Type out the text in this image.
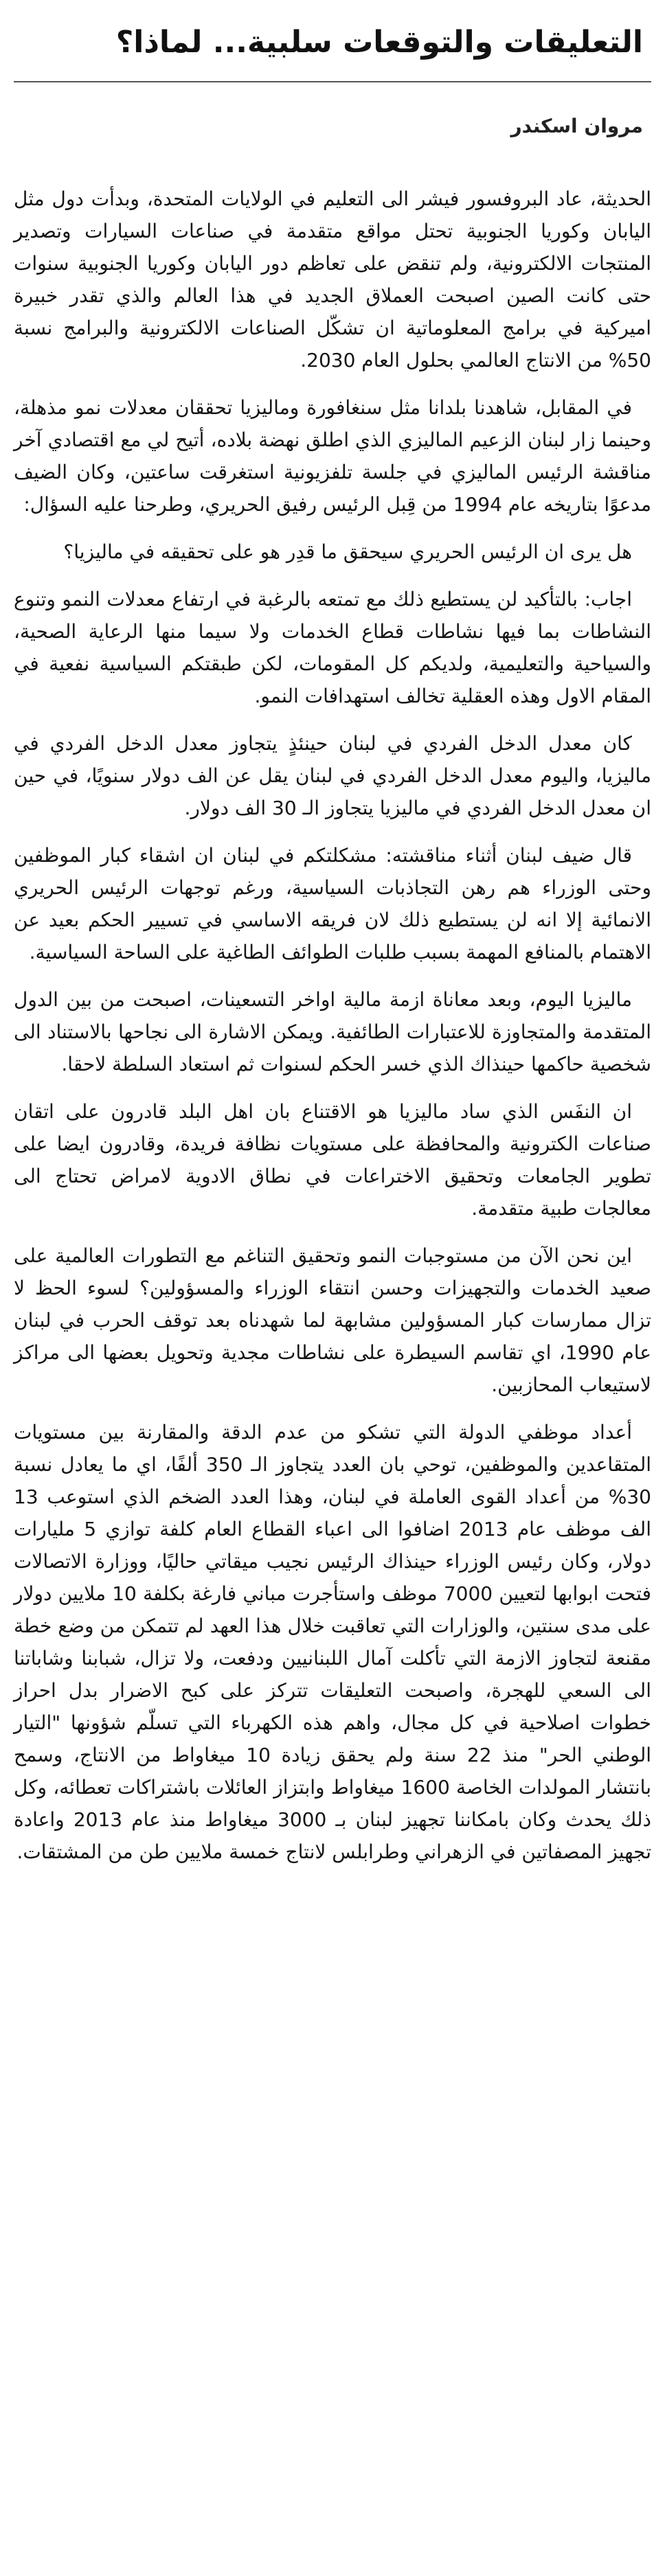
التعليقات والتوقعات سلبية... لماذا؟
مروان اسكندر

الحديثة، عاد البروفسور فيشر الى التعليم في الولايات المتحدة، وبدأت دول مثل اليابان وكوريا الجنوبية تحتل مواقع متقدمة في صناعات السيارات وتصدير المنتجات الالكترونية، ولم تنقض على تعاظم دور اليابان وكوريا الجنوبية سنوات حتى كانت الصين اصبحت العملاق الجديد في هذا العالم والذي تقدر خبيرة اميركية في برامج المعلوماتية ان تشكّل الصناعات الالكترونية والبرامج نسبة 50% من الانتاج العالمي بحلول العام 2030.

في المقابل، شاهدنا بلدانا مثل سنغافورة وماليزيا تحققان معدلات نمو مذهلة، وحينما زار لبنان الزعيم الماليزي الذي اطلق نهضة بلاده، أتيح لي مع اقتصادي آخر مناقشة الرئيس الماليزي في جلسة تلفزيونية استغرقت ساعتين، وكان الضيف مدعوًا بتاريخه عام 1994 من قِبل الرئيس رفيق الحريري، وطرحنا عليه السؤال:

هل يرى ان الرئيس الحريري سيحقق ما قدِر هو على تحقيقه في ماليزيا؟

اجاب: بالتأكيد لن يستطيع ذلك مع تمتعه بالرغبة في ارتفاع معدلات النمو وتنوع النشاطات بما فيها نشاطات قطاع الخدمات ولا سيما منها الرعاية الصحية، والسياحية والتعليمية، ولديكم كل المقومات، لكن طبقتكم السياسية نفعية في المقام الاول وهذه العقلية تخالف استهدافات النمو.

كان معدل الدخل الفردي في لبنان حينئذٍ يتجاوز معدل الدخل الفردي في ماليزيا، واليوم معدل الدخل الفردي في لبنان يقل عن الف دولار سنويًا، في حين ان معدل الدخل الفردي في ماليزيا يتجاوز الـ 30 الف دولار.

قال ضيف لبنان أثناء مناقشته: مشكلتكم في لبنان ان اشقاء كبار الموظفين وحتى الوزراء هم رهن التجاذبات السياسية، ورغم توجهات الرئيس الحريري الانمائية إلا انه لن يستطيع ذلك لان فريقه الاساسي في تسيير الحكم بعيد عن الاهتمام بالمنافع المهمة بسبب طلبات الطوائف الطاغية على الساحة السياسية.

ماليزيا اليوم، وبعد معاناة ازمة مالية اواخر التسعينات، اصبحت من بين الدول المتقدمة والمتجاوزة للاعتبارات الطائفية. ويمكن الاشارة الى نجاحها بالاستناد الى شخصية حاكمها حينذاك الذي خسر الحكم لسنوات ثم استعاد السلطة لاحقا.

ان النفَس الذي ساد ماليزيا هو الاقتناع بان اهل البلد قادرون على اتقان صناعات الكترونية والمحافظة على مستويات نظافة فريدة، وقادرون ايضا على تطوير الجامعات وتحقيق الاختراعات في نطاق الادوية لامراض تحتاج الى معالجات طبية متقدمة.

اين نحن الآن من مستوجبات النمو وتحقيق التناغم مع التطورات العالمية على صعيد الخدمات والتجهيزات وحسن انتقاء الوزراء والمسؤولين؟ لسوء الحظ لا تزال ممارسات كبار المسؤولين مشابهة لما شهدناه بعد توقف الحرب في لبنان عام 1990، اي تقاسم السيطرة على نشاطات مجدية وتحويل بعضها الى مراكز لاستيعاب المحازبين.

أعداد موظفي الدولة التي تشكو من عدم الدقة والمقارنة بين مستويات المتقاعدين والموظفين، توحي بان العدد يتجاوز الـ 350 ألفًا، اي ما يعادل نسبة 30% من أعداد القوى العاملة في لبنان، وهذا العدد الضخم الذي استوعب 13 الف موظف عام 2013 اضافوا الى اعباء القطاع العام كلفة توازي 5 مليارات دولار، وكان رئيس الوزراء حينذاك الرئيس نجيب ميقاتي حاليًا، ووزارة الاتصالات فتحت ابوابها لتعيين 7000 موظف واستأجرت مباني فارغة بكلفة 10 ملايين دولار على مدى سنتين، والوزارات التي تعاقبت خلال هذا العهد لم تتمكن من وضع خطة مقنعة لتجاوز الازمة التي تأكلت آمال اللبنانيين ودفعت، ولا تزال، شبابنا وشاباتنا الى السعي للهجرة، واصبحت التعليقات تتركز على كبح الاضرار بدل احراز خطوات اصلاحية في كل مجال، واهم هذه الكهرباء التي تسلّم شؤونها "التيار الوطني الحر" منذ 22 سنة ولم يحقق زيادة 10 ميغاواط من الانتاج، وسمح بانتشار المولدات الخاصة 1600 ميغاواط وابتزاز العائلات باشتراكات تعطائه، وكل ذلك يحدث وكان بامكاننا تجهيز لبنان بـ 3000 ميغاواط منذ عام 2013 واعادة تجهيز المصفاتين في الزهراني وطرابلس لانتاج خمسة ملايين طن من المشتقات.
